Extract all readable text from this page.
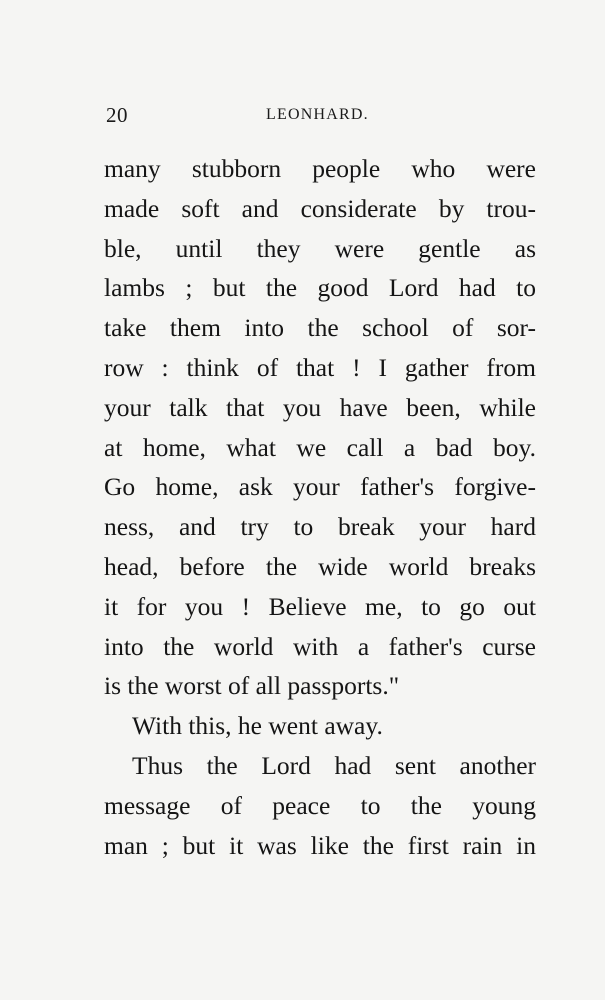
20	LEONHARD.
many stubborn people who were
made soft and considerate by trou-
ble, until they were gentle as
lambs ; but the good Lord had to
take them into the school of sor-
row : think of that ! I gather from
your talk that you have been, while
at home, what we call a bad boy.
Go home, ask your father's forgive-
ness, and try to break your hard
head, before the wide world breaks
it for you ! Believe me, to go out
into the world with a father's curse
is the worst of all passports."
With this, he went away.
Thus the Lord had sent another
message of peace to the young
man ; but it was like the first rain in
